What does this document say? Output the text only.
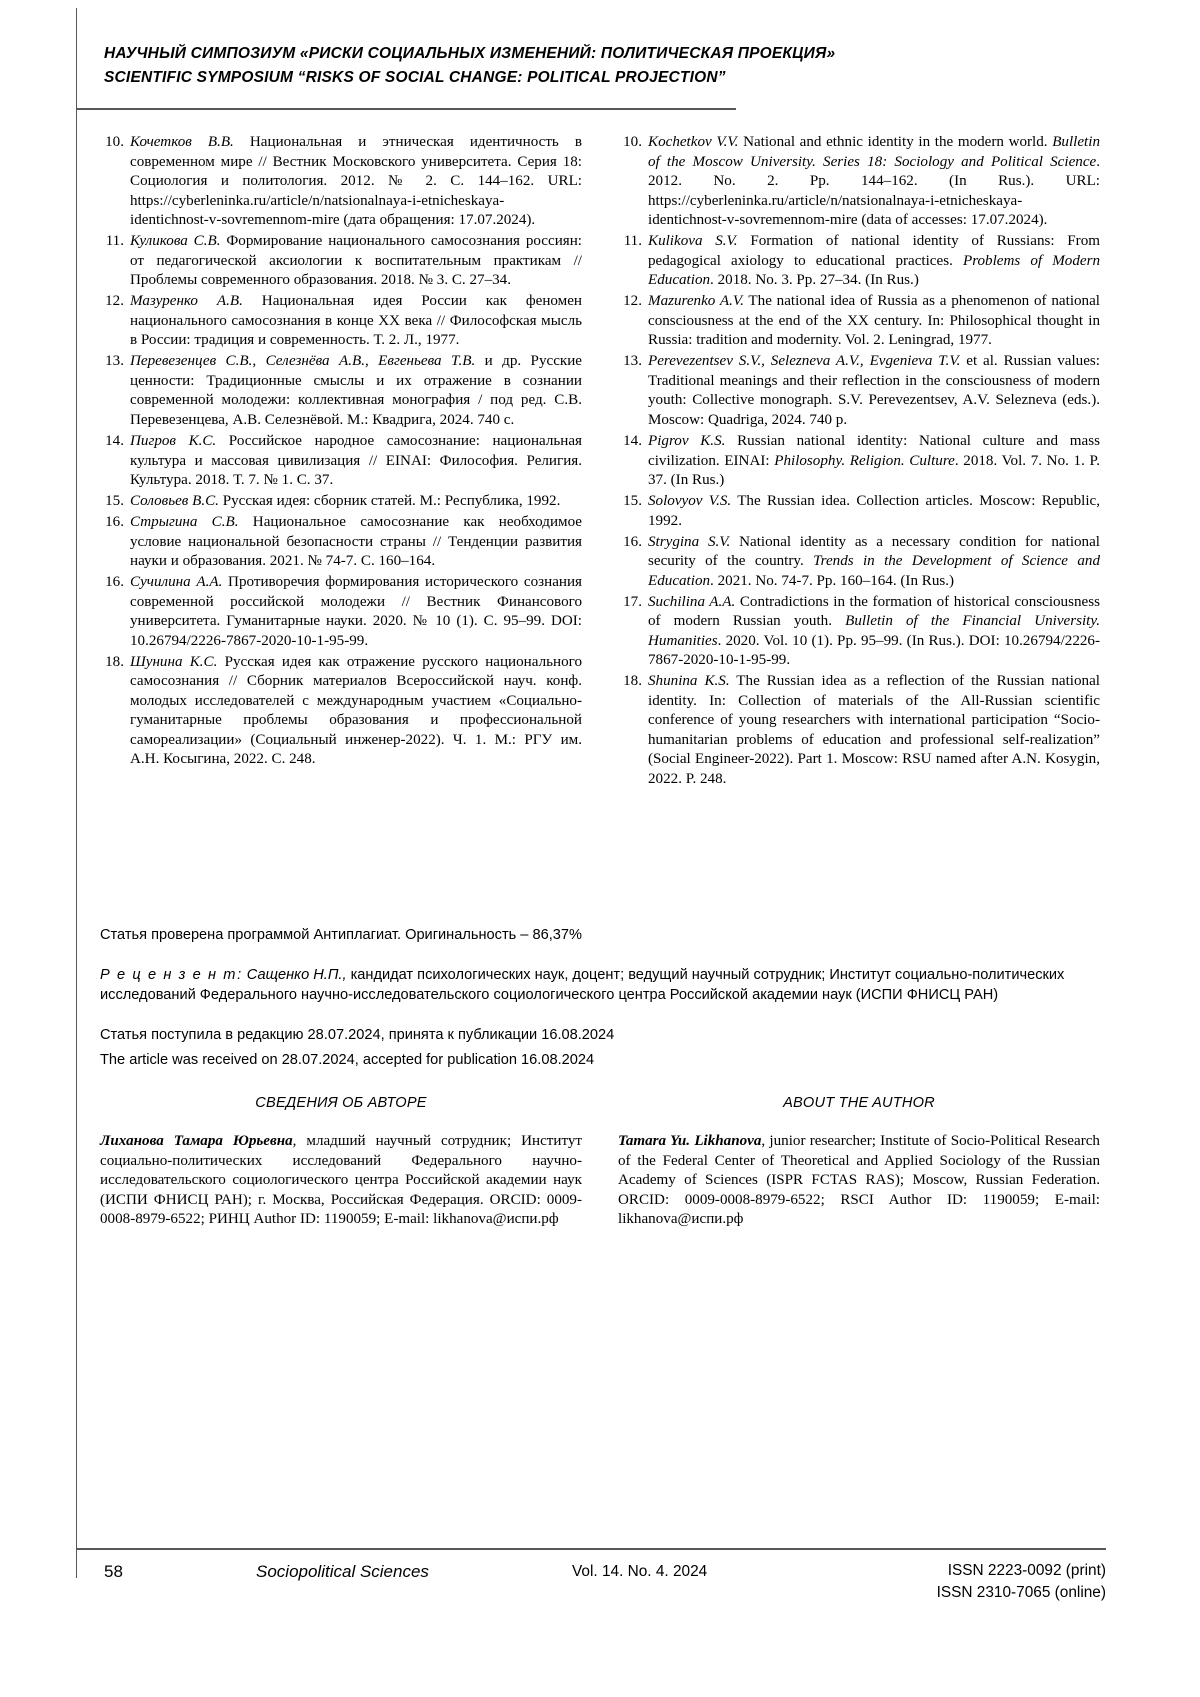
НАУЧНЫЙ СИМПОЗИУМ «РИСКИ СОЦИАЛЬНЫХ ИЗМЕНЕНИЙ: ПОЛИТИЧЕСКАЯ ПРОЕКЦИЯ»
SCIENTIFIC SYMPOSIUM “RISKS OF SOCIAL CHANGE: POLITICAL PROJECTION”
10. Кочетков В.В. Национальная и этническая идентичность в современном мире // Вестник Московского университета. Серия 18: Социология и политология. 2012. № 2. С. 144–162. URL: https://cyberleninka.ru/article/n/natsionalnaya-i-etnicheskaya-identichnost-v-sovremennom-mire (дата обращения: 17.07.2024).
11. Куликова С.В. Формирование национального самосознания россиян: от педагогической аксиологии к воспитательным практикам // Проблемы современного образования. 2018. № 3. С. 27–34.
12. Мазуренко А.В. Национальная идея России как феномен национального самосознания в конце ХХ века // Философская мысль в России: традиция и современность. Т. 2. Л., 1977.
13. Перевезенцев С.В., Селезнёва А.В., Евгеньева Т.В. и др. Русские ценности: Традиционные смыслы и их отражение в сознании современной молодежи: коллективная монография / под ред. С.В. Перевезенцева, А.В. Селезнёвой. М.: Квадрига, 2024. 740 с.
14. Пигров К.С. Российское народное самосознание: национальная культура и массовая цивилизация // EINAI: Философия. Религия. Культура. 2018. Т. 7. № 1. С. 37.
15. Соловьев В.С. Русская идея: сборник статей. М.: Республика, 1992.
16. Стрыгина С.В. Национальное самосознание как необходимое условие национальной безопасности страны // Тенденции развития науки и образования. 2021. № 74-7. С. 160–164.
16. Сучилина А.А. Противоречия формирования исторического сознания современной российской молодежи // Вестник Финансового университета. Гуманитарные науки. 2020. № 10 (1). С. 95–99. DOI: 10.26794/2226-7867-2020-10-1-95-99.
18. Шунина К.С. Русская идея как отражение русского национального самосознания // Сборник материалов Всероссийской науч. конф. молодых исследователей с международным участием «Социально-гуманитарные проблемы образования и профессиональной самореализации» (Социальный инженер-2022). Ч. 1. М.: РГУ им. А.Н. Косыгина, 2022. С. 248.
10. Kochetkov V.V. National and ethnic identity in the modern world. Bulletin of the Moscow University. Series 18: Sociology and Political Science. 2012. No. 2. Pp. 144–162. (In Rus.). URL: https://cyberleninka.ru/article/n/natsionalnaya-i-etnicheskaya-identichnost-v-sovremennom-mire (data of accesses: 17.07.2024).
11. Kulikova S.V. Formation of national identity of Russians: From pedagogical axiology to educational practices. Problems of Modern Education. 2018. No. 3. Pp. 27–34. (In Rus.)
12. Mazurenko A.V. The national idea of Russia as a phenomenon of national consciousness at the end of the XX century. In: Philosophical thought in Russia: tradition and modernity. Vol. 2. Leningrad, 1977.
13. Perevezentsev S.V., Selezneva A.V., Evgenieva T.V. et al. Russian values: Traditional meanings and their reflection in the consciousness of modern youth: Collective monograph. S.V. Perevezentsev, A.V. Selezneva (eds.). Moscow: Quadriga, 2024. 740 p.
14. Pigrov K.S. Russian national identity: National culture and mass civilization. EINAI: Philosophy. Religion. Culture. 2018. Vol. 7. No. 1. P. 37. (In Rus.)
15. Solovyov V.S. The Russian idea. Collection articles. Moscow: Republic, 1992.
16. Strygina S.V. National identity as a necessary condition for national security of the country. Trends in the Development of Science and Education. 2021. No. 74-7. Pp. 160–164. (In Rus.)
17. Suchilina A.A. Contradictions in the formation of historical consciousness of modern Russian youth. Bulletin of the Financial University. Humanities. 2020. Vol. 10 (1). Pp. 95–99. (In Rus.). DOI: 10.26794/2226-7867-2020-10-1-95-99.
18. Shunina K.S. The Russian idea as a reflection of the Russian national identity. In: Collection of materials of the All-Russian scientific conference of young researchers with international participation “Socio-humanitarian problems of education and professional self-realization” (Social Engineer-2022). Part 1. Moscow: RSU named after A.N. Kosygin, 2022. P. 248.

Статья проверена программой Антиплагиат. Оригинальность – 86,37%

Р е ц е н з е н т: Сащенко Н.П., кандидат психологических наук, доцент; ведущий научный сотрудник; Институт социально-политических исследований Федерального научно-исследовательского социологического центра Российской академии наук (ИСПИ ФНИСЦ РАН)

Статья поступила в редакцию 28.07.2024, принята к публикации 16.08.2024

The article was received on 28.07.2024, accepted for publication 16.08.2024

СВЕДЕНИЯ ОБ АВТОРЕ
Лиханова Тамара Юрьевна, младший научный сотрудник; Институт социально-политических исследований Федерального научно-исследовательского социологического центра Российской академии наук (ИСПИ ФНИСЦ РАН); г. Москва, Российская Федерация. ORCID: 0009-0008-8979-6522; РИНЦ Author ID: 1190059; E-mail: likhanova@испи.рф
ABOUT THE AUTHOR
Tamara Yu. Likhanova, junior researcher; Institute of Socio-Political Research of the Federal Center of Theoretical and Applied Sociology of the Russian Academy of Sciences (ISPR FCTAS RAS); Moscow, Russian Federation. ORCID: 0009-0008-8979-6522; RSCI Author ID: 1190059; E-mail: likhanova@испи.рф
58	Sociopolitical Sciences	Vol. 14. No. 4. 2024	ISSN 2223-0092 (print)
ISSN 2310-7065 (online)
